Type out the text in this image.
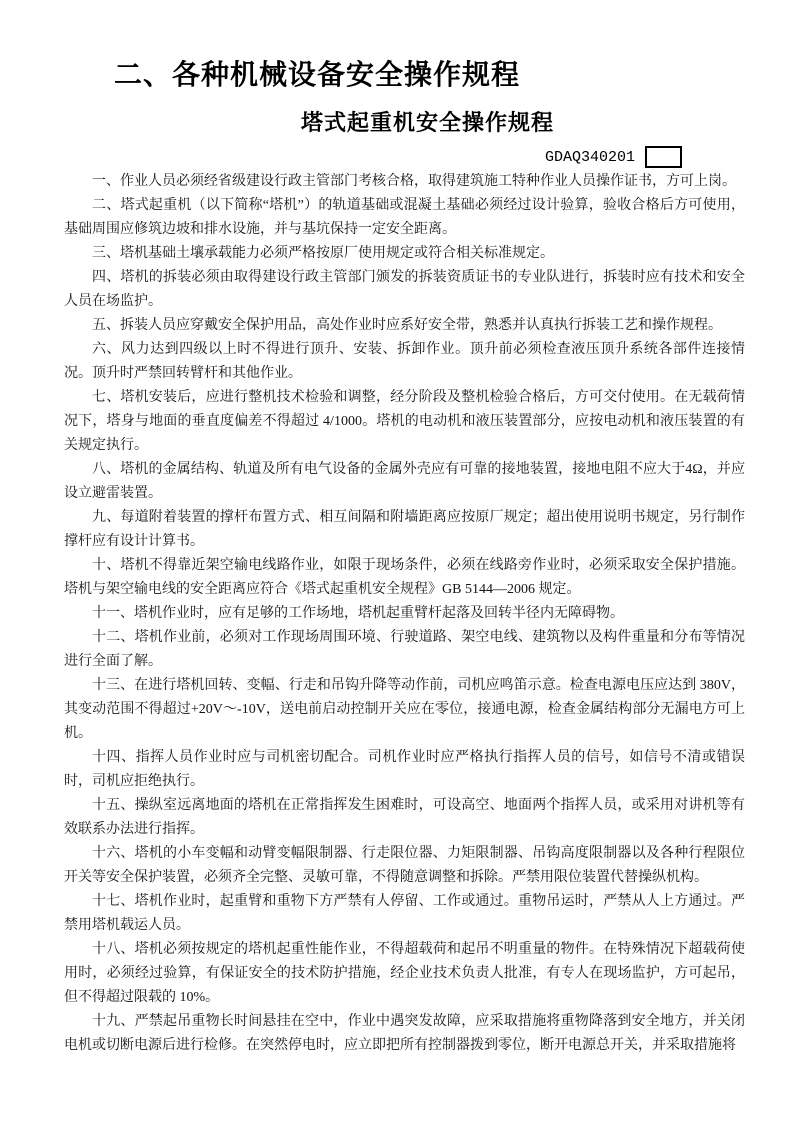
二、各种机械设备安全操作规程
塔式起重机安全操作规程
GDAQ340201

一、作业人员必须经省级建设行政主管部门考核合格，取得建筑施工特种作业人员操作证书，方可上岗。

二、塔式起重机（以下简称“塔机”）的轨道基础或混凝土基础必须经过设计验算，验收合格后方可使用，基础周围应修筑边坡和排水设施，并与基坑保持一定安全距离。

三、塔机基础土壤承载能力必须严格按原厂使用规定或符合相关标准规定。

四、塔机的拆装必须由取得建设行政主管部门颁发的拆装资质证书的专业队进行，拆装时应有技术和安全人员在场监护。

五、拆装人员应穿戴安全保护用品，高处作业时应系好安全带，熟悉并认真执行拆装工艺和操作规程。

六、风力达到四级以上时不得进行顶升、安装、拆卸作业。顶升前必须检查液压顶升系统各部件连接情况。顶升时严禁回转臂杆和其他作业。

七、塔机安装后，应进行整机技术检验和调整，经分阶段及整机检验合格后，方可交付使用。在无载荷情况下，塔身与地面的垂直度偏差不得超过 4/1000。塔机的电动机和液压装置部分，应按电动机和液压装置的有关规定执行。

八、塔机的金属结构、轨道及所有电气设备的金属外壳应有可靠的接地装置，接地电阻不应大于4Ω，并应设立避雷装置。

九、每道附着装置的撑杆布置方式、相互间隔和附墙距离应按原厂规定；超出使用说明书规定，另行制作撑杆应有设计计算书。

十、塔机不得靠近架空输电线路作业，如限于现场条件，必须在线路旁作业时，必须采取安全保护措施。塔机与架空输电线的安全距离应符合《塔式起重机安全规程》GB 5144—2006 规定。

十一、塔机作业时，应有足够的工作场地，塔机起重臂杆起落及回转半径内无障碍物。

十二、塔机作业前，必须对工作现场周围环境、行驶道路、架空电线、建筑物以及构件重量和分布等情况进行全面了解。

十三、在进行塔机回转、变幅、行走和吊钩升降等动作前，司机应鸣笛示意。检查电源电压应达到 380V，其变动范围不得超过+20V～-10V，送电前启动控制开关应在零位，接通电源，检查金属结构部分无漏电方可上机。

十四、指挥人员作业时应与司机密切配合。司机作业时应严格执行指挥人员的信号，如信号不清或错误时，司机应拒绝执行。

十五、操纵室远离地面的塔机在正常指挥发生困难时，可设高空、地面两个指挥人员，或采用对讲机等有效联系办法进行指挥。

十六、塔机的小车变幅和动臂变幅限制器、行走限位器、力矩限制器、吊钩高度限制器以及各种行程限位开关等安全保护装置，必须齐全完整、灵敏可靠，不得随意调整和拆除。严禁用限位装置代替操纵机构。

十七、塔机作业时，起重臂和重物下方严禁有人停留、工作或通过。重物吊运时，严禁从人上方通过。严禁用塔机载运人员。

十八、塔机必须按规定的塔机起重性能作业，不得超载荷和起吊不明重量的物件。在特殊情况下超载荷使用时，必须经过验算，有保证安全的技术防护措施，经企业技术负责人批准，有专人在现场监护，方可起吊，但不得超过限载的 10%。

十九、严禁起吊重物长时间悬挂在空中，作业中遇突发故障，应采取措施将重物降落到安全地方，并关闭电机或切断电源后进行检修。在突然停电时，应立即把所有控制器拨到零位，断开电源总开关，并采取措施将
